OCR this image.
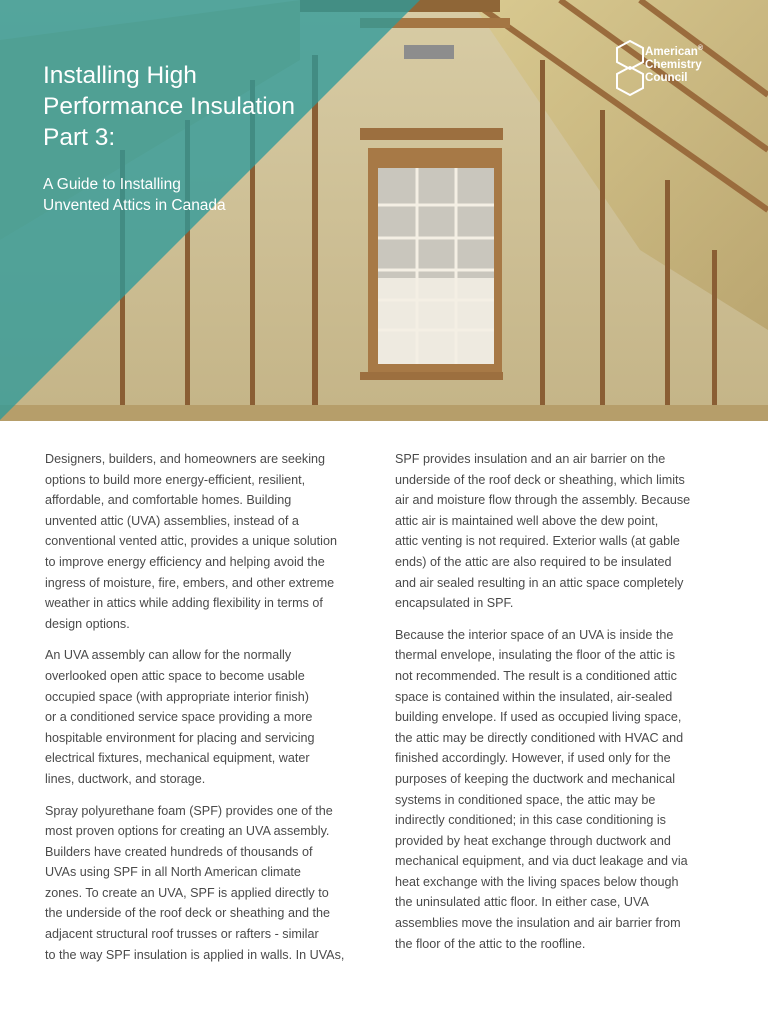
Installing High
Performance Insulation
Part 3:
A Guide to Installing
Unvented Attics in Canada
American®
Chemistry
Council

Designers, builders, and homeowners are seeking
options to build more energy-efficient, resilient,
affordable, and comfortable homes. Building
unvented attic (UVA) assemblies, instead of a
conventional vented attic, provides a unique solution
to improve energy efficiency and helping avoid the
ingress of moisture, fire, embers, and other extreme
weather in attics while adding flexibility in terms of
design options.

An UVA assembly can allow for the normally
overlooked open attic space to become usable
occupied space (with appropriate interior finish)
or a conditioned service space providing a more
hospitable environment for placing and servicing
electrical fixtures, mechanical equipment, water
lines, ductwork, and storage.

Spray polyurethane foam (SPF) provides one of the
most proven options for creating an UVA assembly.
Builders have created hundreds of thousands of
UVAs using SPF in all North American climate
zones. To create an UVA, SPF is applied directly to
the underside of the roof deck or sheathing and the
adjacent structural roof trusses or rafters - similar
to the way SPF insulation is applied in walls. In UVAs,

SPF provides insulation and an air barrier on the
underside of the roof deck or sheathing, which limits
air and moisture flow through the assembly. Because
attic air is maintained well above the dew point,
attic venting is not required. Exterior walls (at gable
ends) of the attic are also required to be insulated
and air sealed resulting in an attic space completely
encapsulated in SPF.

Because the interior space of an UVA is inside the
thermal envelope, insulating the floor of the attic is
not recommended. The result is a conditioned attic
space is contained within the insulated, air-sealed
building envelope. If used as occupied living space,
the attic may be directly conditioned with HVAC and
finished accordingly. However, if used only for the
purposes of keeping the ductwork and mechanical
systems in conditioned space, the attic may be
indirectly conditioned; in this case conditioning is
provided by heat exchange through ductwork and
mechanical equipment, and via duct leakage and via
heat exchange with the living spaces below though
the uninsulated attic floor. In either case, UVA
assemblies move the insulation and air barrier from
the floor of the attic to the roofline.
